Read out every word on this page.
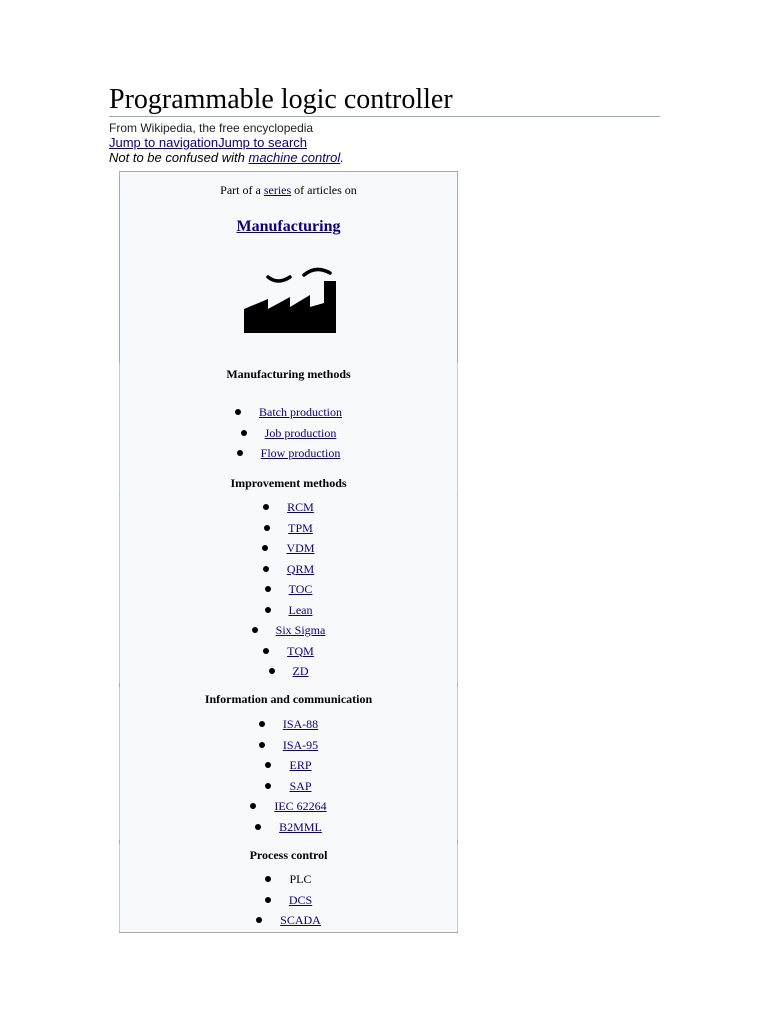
Programmable logic controller
From Wikipedia, the free encyclopedia
Jump to navigationJump to search
Not to be confused with machine control.
Part of a series of articles on
Manufacturing
Manufacturing methods
Batch production
Job production
Flow production
Improvement methods
RCM
TPM
VDM
QRM
TOC
Lean
Six Sigma
TQM
ZD
Information and communication
ISA-88
ISA-95
ERP
SAP
IEC 62264
B2MML
Process control
PLC
DCS
SCADA
